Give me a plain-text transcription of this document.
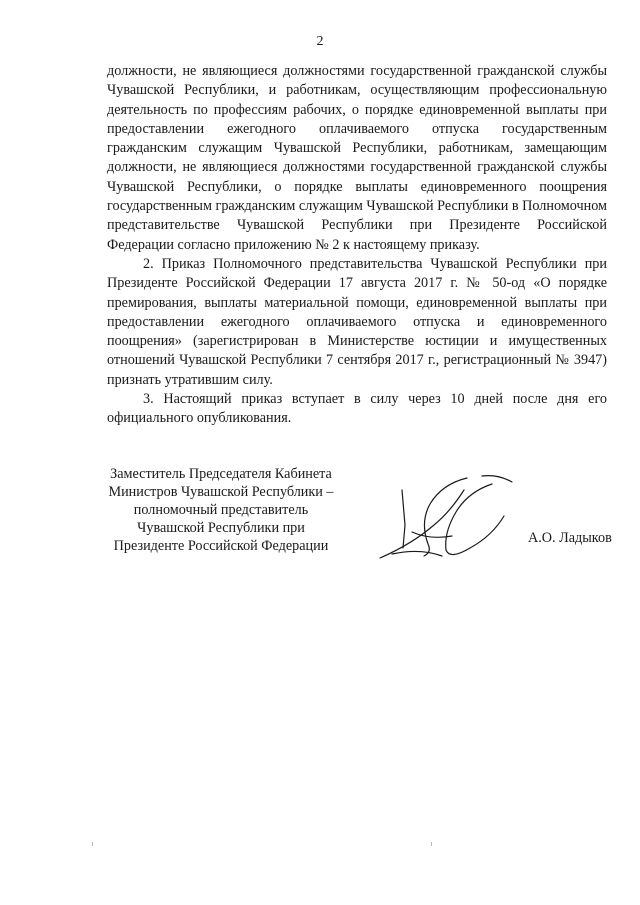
2

должности, не являющиеся должностями государственной гражданской службы Чувашской Республики, и работникам, осуществляющим профессиональную деятельность по профессиям рабочих, о порядке единовременной выплаты при предоставлении ежегодного оплачиваемого отпуска государственным гражданским служащим Чувашской Республики, работникам, замещающим должности, не являющиеся должностями государственной гражданской службы Чувашской Республики, о порядке выплаты единовременного поощрения государственным гражданским служащим Чувашской Республики в Полномочном представительстве Чувашской Республики при Президенте Российской Федерации согласно приложению № 2 к настоящему приказу.

2. Приказ Полномочного представительства Чувашской Республики при Президенте Российской Федерации 17 августа 2017 г. № 50-од «О порядке премирования, выплаты материальной помощи, единовременной выплаты при предоставлении ежегодного оплачиваемого отпуска и единовременного поощрения» (зарегистрирован в Министерстве юстиции и имущественных отношений Чувашской Республики 7 сентября 2017 г., регистрационный № 3947) признать утратившим силу.

3. Настоящий приказ вступает в силу через 10 дней после дня его официального опубликования.

Заместитель Председателя Кабинета
Министров Чувашской Республики –
полномочный представитель
Чувашской Республики при
Президенте Российской Федерации	А.О. Ладыков
